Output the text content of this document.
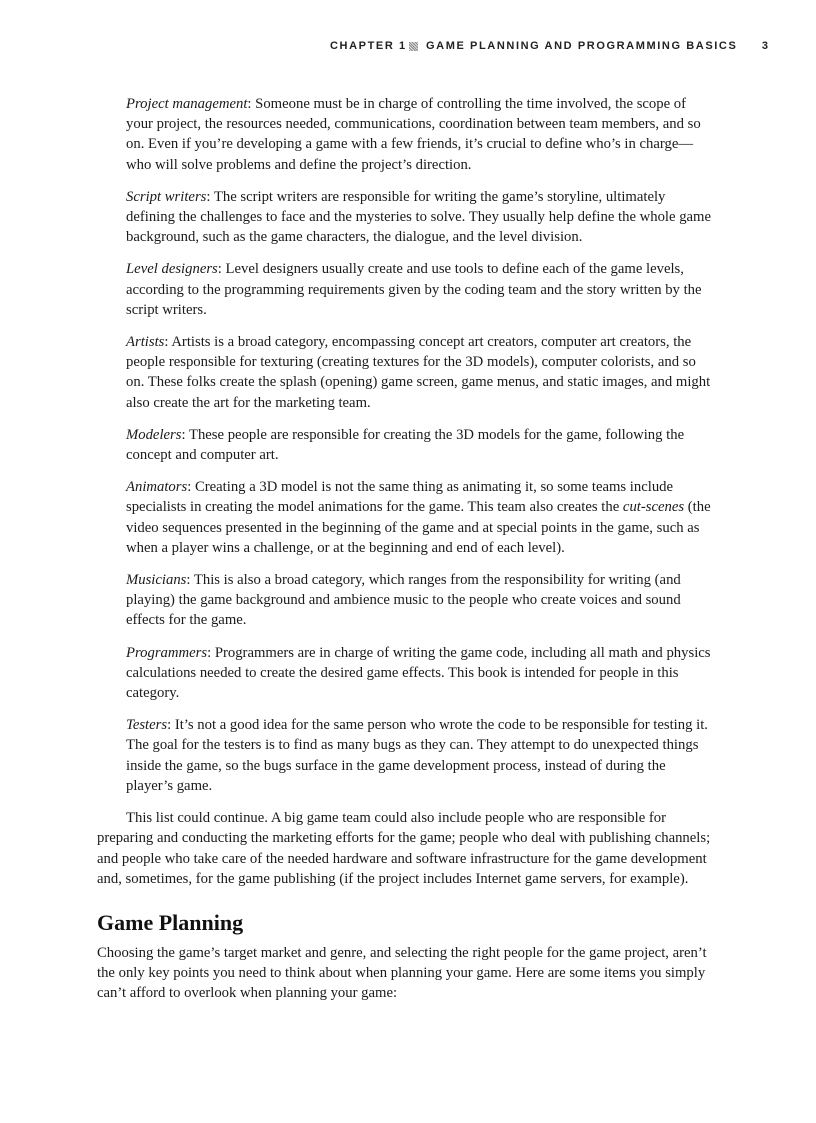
CHAPTER 1 GAME PLANNING AND PROGRAMMING BASICS 3

Project management: Someone must be in charge of controlling the time involved, the scope of your project, the resources needed, communications, coordination between team members, and so on. Even if you’re developing a game with a few friends, it’s crucial to define who’s in charge—who will solve problems and define the project’s direction.

Script writers: The script writers are responsible for writing the game’s storyline, ultimately defining the challenges to face and the mysteries to solve. They usually help define the whole game background, such as the game characters, the dialogue, and the level division.

Level designers: Level designers usually create and use tools to define each of the game levels, according to the programming requirements given by the coding team and the story written by the script writers.

Artists: Artists is a broad category, encompassing concept art creators, computer art creators, the people responsible for texturing (creating textures for the 3D models), computer colorists, and so on. These folks create the splash (opening) game screen, game menus, and static images, and might also create the art for the marketing team.

Modelers: These people are responsible for creating the 3D models for the game, following the concept and computer art.

Animators: Creating a 3D model is not the same thing as animating it, so some teams include specialists in creating the model animations for the game. This team also creates the cut-scenes (the video sequences presented in the beginning of the game and at special points in the game, such as when a player wins a challenge, or at the beginning and end of each level).

Musicians: This is also a broad category, which ranges from the responsibility for writing (and playing) the game background and ambience music to the people who create voices and sound effects for the game.

Programmers: Programmers are in charge of writing the game code, including all math and physics calculations needed to create the desired game effects. This book is intended for people in this category.

Testers: It’s not a good idea for the same person who wrote the code to be responsible for testing it. The goal for the testers is to find as many bugs as they can. They attempt to do unexpected things inside the game, so the bugs surface in the game development process, instead of during the player’s game.

This list could continue. A big game team could also include people who are responsible for preparing and conducting the marketing efforts for the game; people who deal with publishing channels; and people who take care of the needed hardware and software infrastructure for the game development and, sometimes, for the game publishing (if the project includes Internet game servers, for example).

Game Planning

Choosing the game’s target market and genre, and selecting the right people for the game project, aren’t the only key points you need to think about when planning your game. Here are some items you simply can’t afford to overlook when planning your game:
